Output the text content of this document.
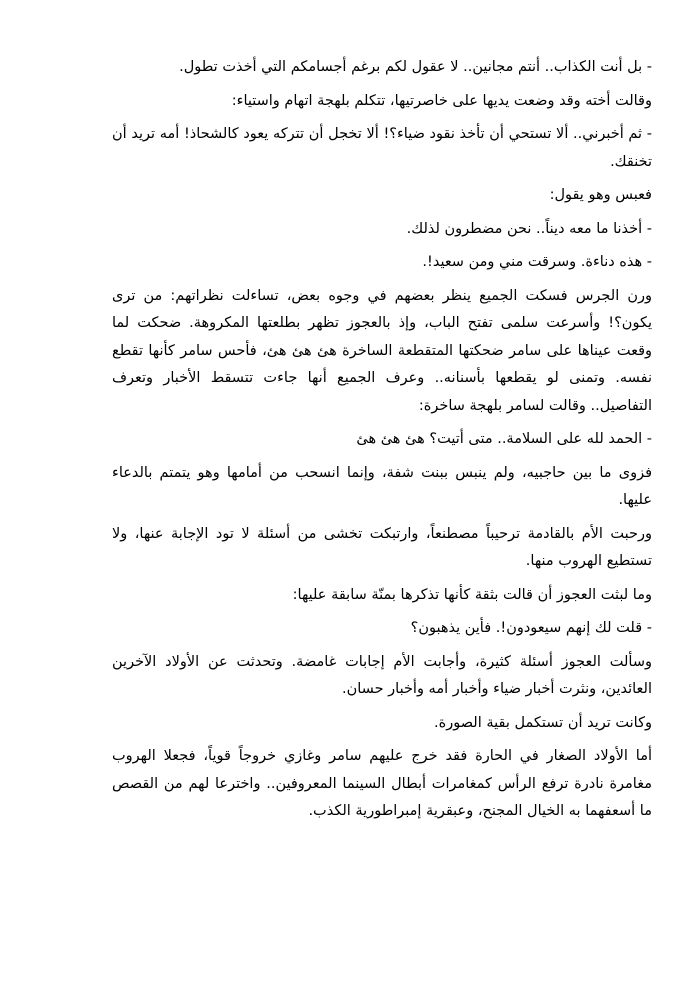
- بل أنت الكذاب.. أنتم مجانين.. لا عقول لكم برغم أجسامكم التي أخذت تطول.

وقالت أخته وقد وضعت يديها على خاصرتيها، تتكلم بلهجة اتهام واستياء:

- ثم أخبرني.. ألا تستحي أن تأخذ نقود ضياء؟! ألا تخجل أن تتركه يعود كالشحاذ! أمه تريد أن تخنقك.

فعبس وهو يقول:

- أخذنا ما معه ديناً.. نحن مضطرون لذلك.

- هذه دناءة. وسرقت مني ومن سعيد!.

ورن الجرس فسكت الجميع ينظر بعضهم في وجوه بعض، تساءلت نظراتهم: من ترى يكون؟! وأسرعت سلمى تفتح الباب، وإذ بالعجوز تظهر بطلعتها المكروهة. ضحكت لما وقعت عيناها على سامر ضحكتها المتقطعة الساخرة هئ هئ هئ، فأحس سامر كأنها تقطع نفسه. وتمنى لو يقطعها بأسنانه.. وعرف الجميع أنها جاءت تتسقط الأخبار وتعرف التفاصيل.. وقالت لسامر بلهجة ساخرة:

- الحمد لله على السلامة.. متى أتيت؟ هئ هئ هئ

فزوى ما بين حاجبيه، ولم ينبس ببنت شفة، وإنما انسحب من أمامها وهو يتمتم بالدعاء عليها.

ورحبت الأم بالقادمة ترحيباً مصطنعاً، وارتبكت تخشى من أسئلة لا تود الإجابة عنها، ولا تستطيع الهروب منها.

وما لبثت العجوز أن قالت بثقة كأنها تذكرها بمنّة سابقة عليها:

- قلت لك إنهم سيعودون!. فأين يذهبون؟

وسألت العجوز أسئلة كثيرة، وأجابت الأم إجابات غامضة. وتحدثت عن الأولاد الآخرين العائدين، ونثرت أخبار ضياء وأخبار أمه وأخبار حسان.

وكانت تريد أن تستكمل بقية الصورة.

أما الأولاد الصغار في الحارة فقد خرج عليهم سامر وغازي خروجاً قوياً، فجعلا الهروب مغامرة نادرة ترفع الرأس كمغامرات أبطال السينما المعروفين.. واخترعا لهم من القصص ما أسعفهما به الخيال المجنح، وعبقرية إمبراطورية الكذب.
